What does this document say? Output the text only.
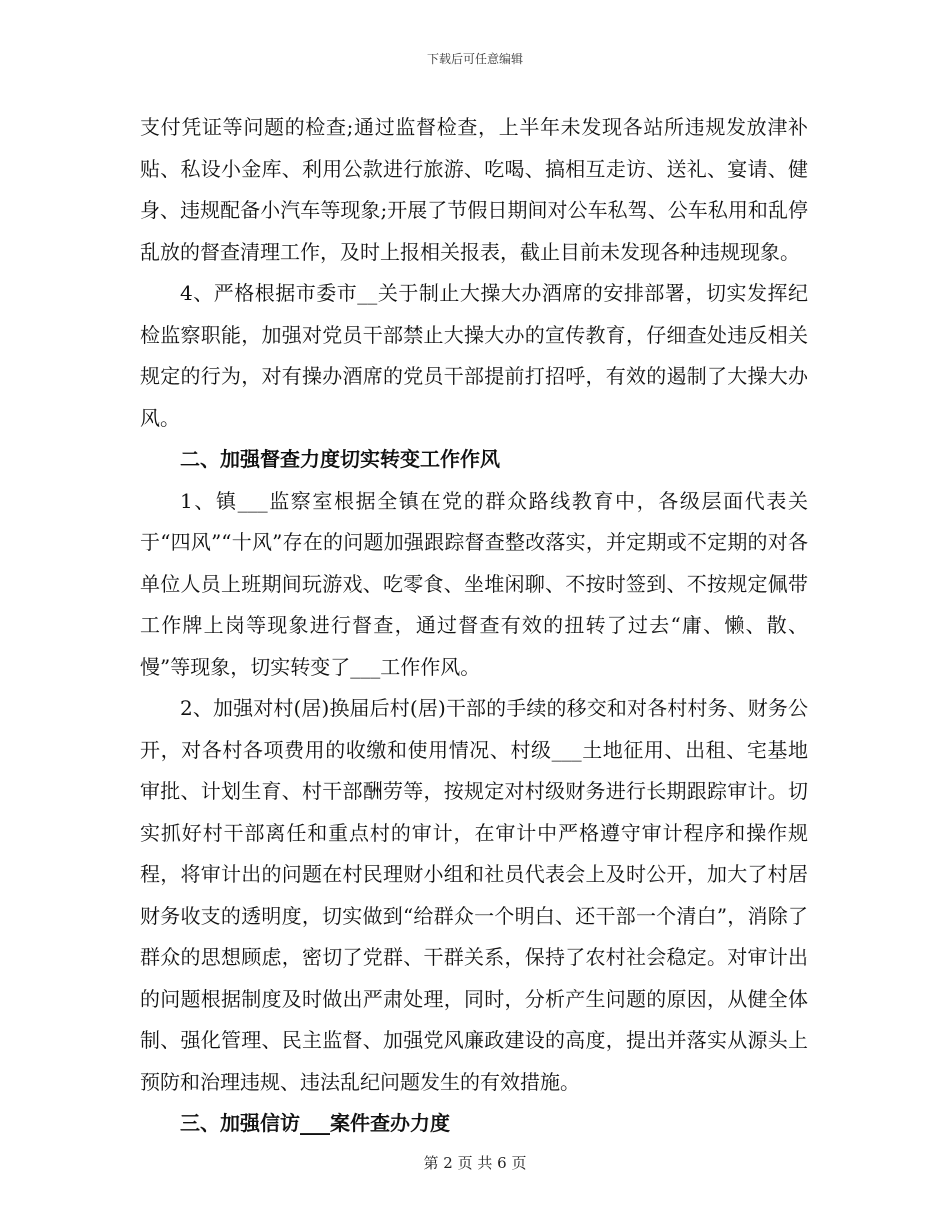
下载后可任意编辑

支付凭证等问题的检查;通过监督检查，上半年未发现各站所违规发放津补贴、私设小金库、利用公款进行旅游、吃喝、搞相互走访、送礼、宴请、健身、违规配备小汽车等现象;开展了节假日期间对公车私驾、公车私用和乱停乱放的督查清理工作，及时上报相关报表，截止目前未发现各种违规现象。

4、严格根据市委市__关于制止大操大办酒席的安排部署，切实发挥纪检监察职能，加强对党员干部禁止大操大办的宣传教育，仔细查处违反相关规定的行为，对有操办酒席的党员干部提前打招呼，有效的遏制了大操大办风。

二、加强督查力度切实转变工作作风

1、镇___监察室根据全镇在党的群众路线教育中，各级层面代表关于“四风”“十风”存在的问题加强跟踪督查整改落实，并定期或不定期的对各单位人员上班期间玩游戏、吃零食、坐堆闲聊、不按时签到、不按规定佩带工作牌上岗等现象进行督查，通过督查有效的扭转了过去“庸、懒、散、慢”等现象，切实转变了___工作作风。

2、加强对村(居)换届后村(居)干部的手续的移交和对各村村务、财务公开，对各村各项费用的收缴和使用情况、村级___土地征用、出租、宅基地审批、计划生育、村干部酬劳等，按规定对村级财务进行长期跟踪审计。切实抓好村干部离任和重点村的审计，在审计中严格遵守审计程序和操作规程，将审计出的问题在村民理财小组和社员代表会上及时公开，加大了村居财务收支的透明度，切实做到“给群众一个明白、还干部一个清白”，消除了群众的思想顾虑，密切了党群、干群关系，保持了农村社会稳定。对审计出的问题根据制度及时做出严肃处理，同时，分析产生问题的原因，从健全体制、强化管理、民主监督、加强党风廉政建设的高度，提出并落实从源头上预防和治理违规、违法乱纪问题发生的有效措施。

三、加强信访___案件查办力度

第 2 页 共 6 页
